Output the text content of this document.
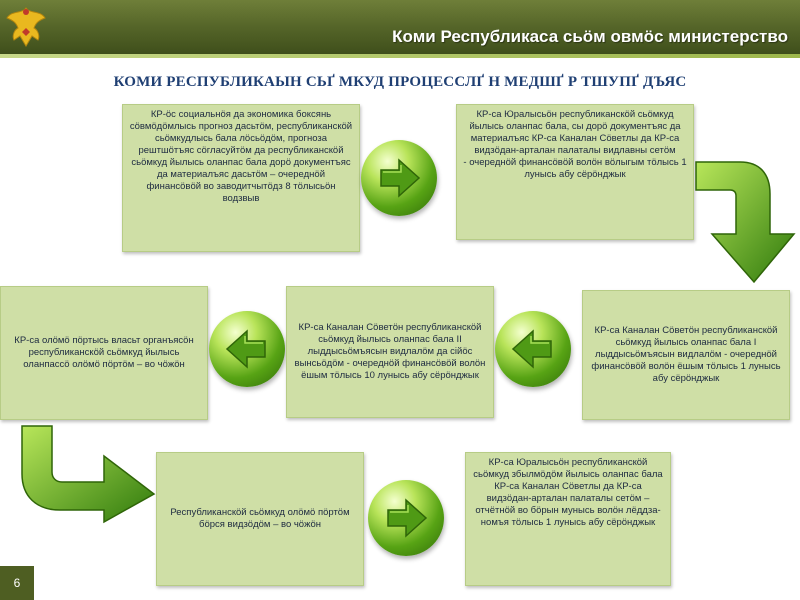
Коми Республикаса сьӧм овмӧс министерство
КОМИ РЕСПУБЛИКАЫН СЬҐ МКУД ПРОЦЕССЛҐ Н МЕДШҐ Р ТШУПҐ ДЪЯС
КР-ӧс социальнӧя да экономика боксянь сӧвмӧдӧмлысь прогноз дасьтӧм, республиканскӧй сьӧмкудлысь бала лӧсьӧдӧм, прогноза рештшӧтъяс сӧгласуйтӧм да республиканскӧй сьӧмкуд йылысь оланпас бала дорӧ документъяс да материалъяс дасьтӧм – очереднӧй финансӧвӧй во заводитчытӧдз 8 тӧлысьӧн водзвыв
КР-са Юралысьӧн республиканскӧй сьӧмкуд йылысь оланпас бала, сы дорӧ документъяс да материалъяс КР-са Каналан Сӧветлы да КР-са видзӧдан-арталан палаталы видлавны сетӧм
- очереднӧй финансӧвӧй волӧн вӧлыгым тӧлысь 1 лунысь абу сёрӧнджык
КР-са олӧмӧ пӧртысь власьт органъясӧн республиканскӧй сьӧмкуд йылысь оланпассӧ олӧмӧ пӧртӧм – во чӧжӧн
КР-са Каналан Сӧветӧн республиканскӧй сьӧмкуд йылысь оланпас бала II лыддысьӧмъясын видлалӧм да сійӧс вынсьӧдӧм - очереднӧй финансӧвӧй волӧн ёшым тӧлысь 10 лунысь абу сёрӧнджык
КР-са Каналан Сӧветӧн республиканскӧй сьӧмкуд йылысь оланпас бала I лыддысьӧмъясын видлалӧм - очереднӧй финансӧвӧй волӧн ёшым тӧлысь 1 лунысь абу сёрӧнджык
Республиканскӧй сьӧмкуд олӧмӧ пӧртӧм бӧрся видзӧдӧм – во чӧжӧн
КР-са Юралысьӧн республиканскӧй сьӧмкуд збылмӧдӧм йылысь оланпас бала КР-са Каналан Сӧветлы да КР-са видзӧдан-арталан палаталы сетӧм – отчётнӧй во бӧрын мунысь волӧн лёддза-номъя тӧлысь 1 лунысь абу сёрӧнджык
6
